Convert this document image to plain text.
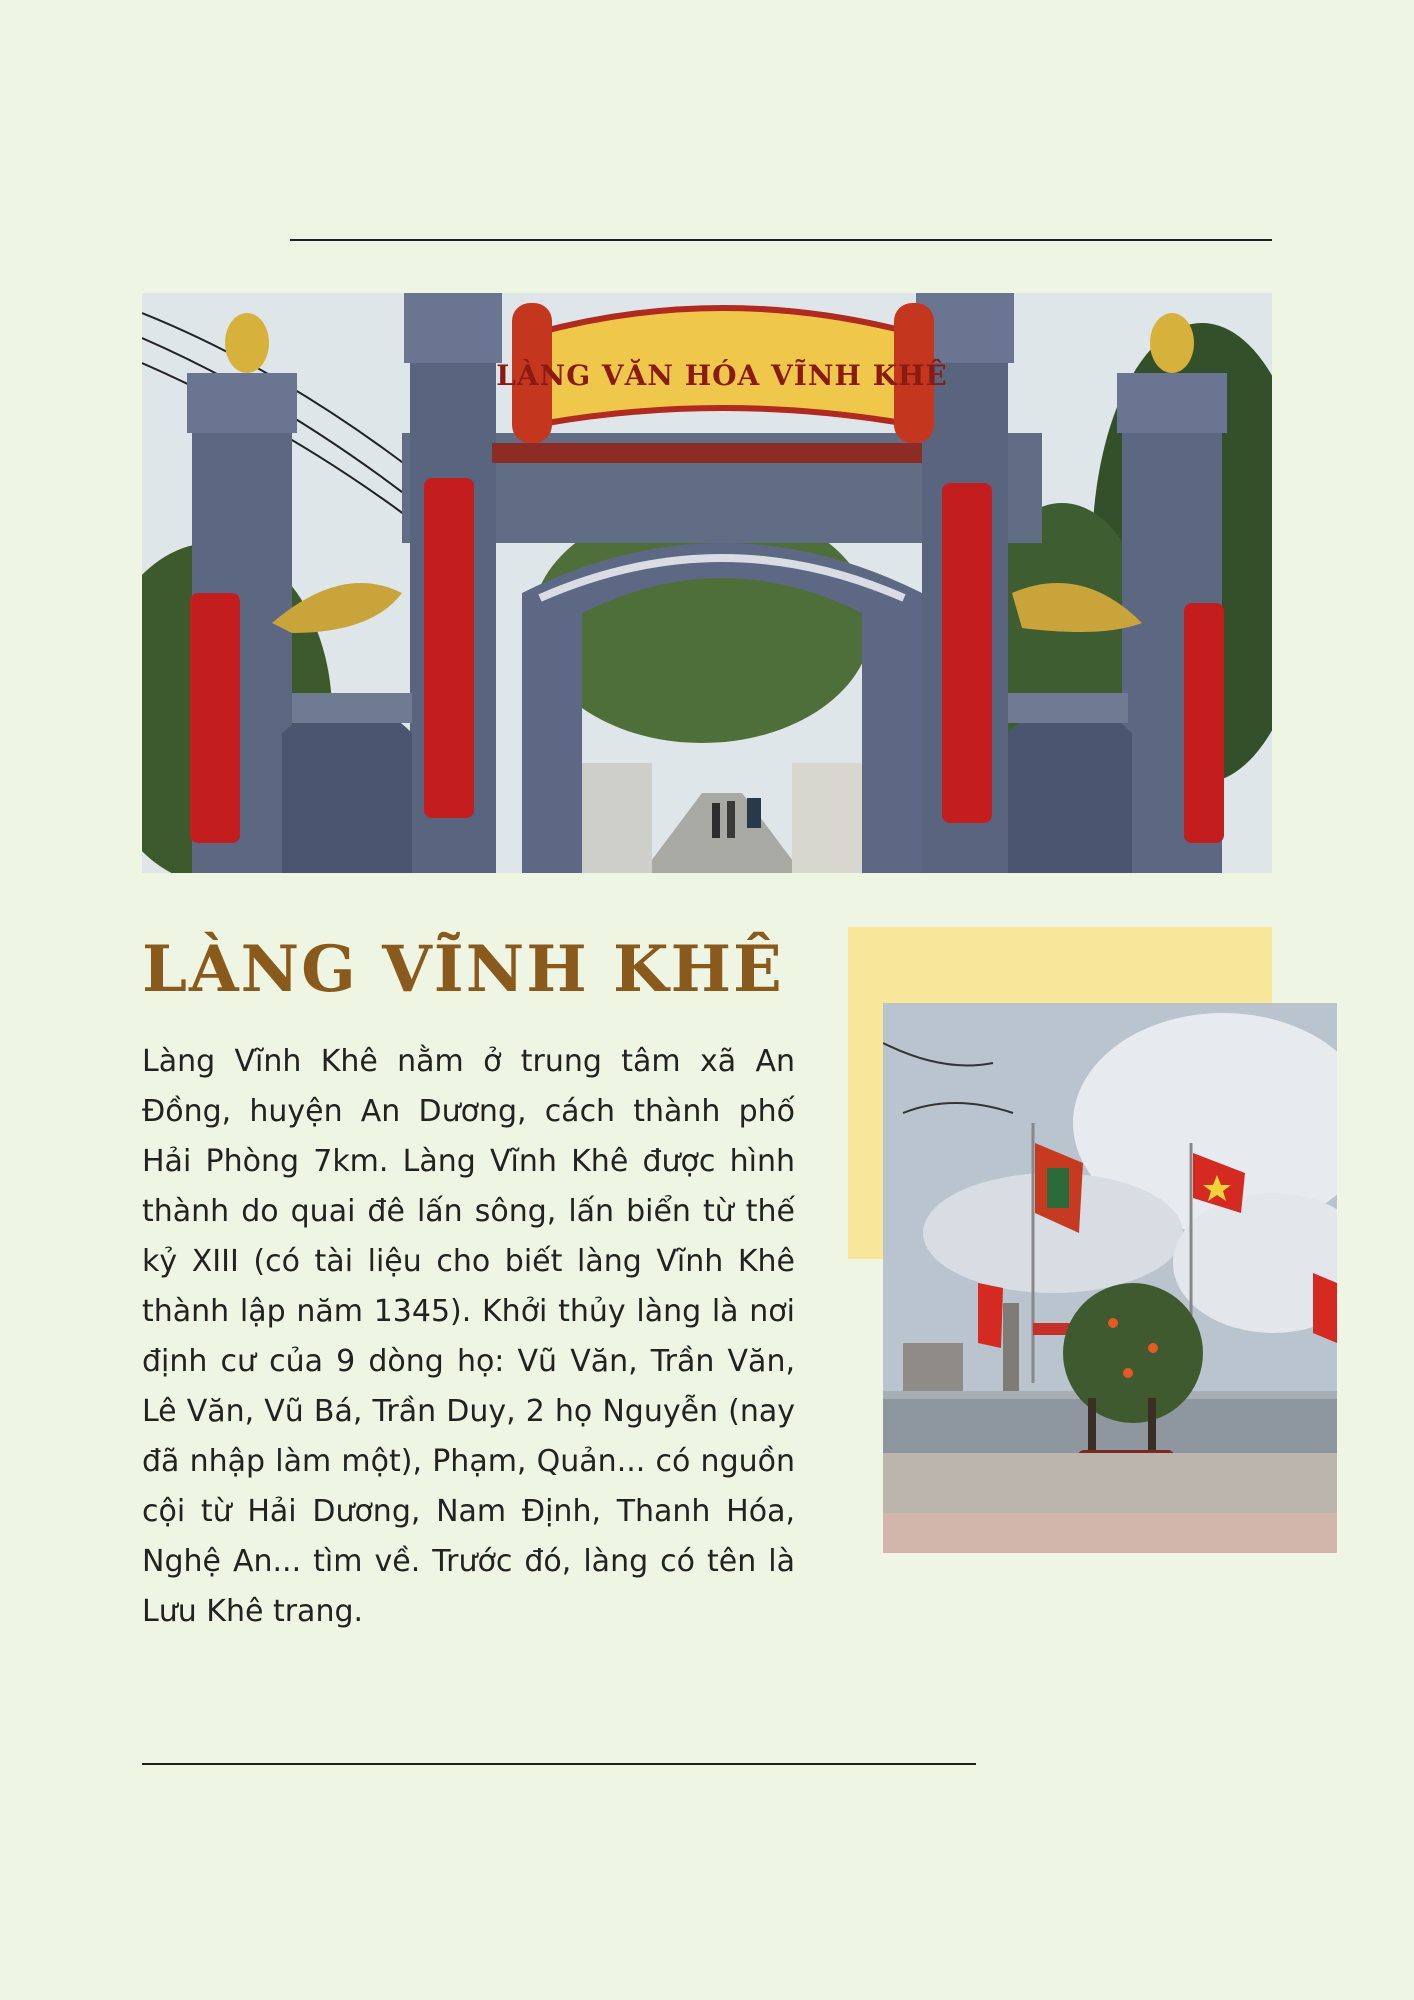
LÀNG VĂN HÓA VĨNH KHÊ
LÀNG VĨNH KHÊ

Làng Vĩnh Khê nằm ở trung tâm xã An Đồng, huyện An Dương, cách thành phố Hải Phòng 7km. Làng Vĩnh Khê được hình thành do quai đê lấn sông, lấn biển từ thế kỷ XIII (có tài liệu cho biết làng Vĩnh Khê thành lập năm 1345). Khởi thủy làng là nơi định cư của 9 dòng họ: Vũ Văn, Trần Văn, Lê Văn, Vũ Bá, Trần Duy, 2 họ Nguyễn (nay đã nhập làm một), Phạm, Quản... có nguồn cội từ Hải Dương, Nam Định, Thanh Hóa, Nghệ An... tìm về. Trước đó, làng có tên là Lưu Khê trang.
